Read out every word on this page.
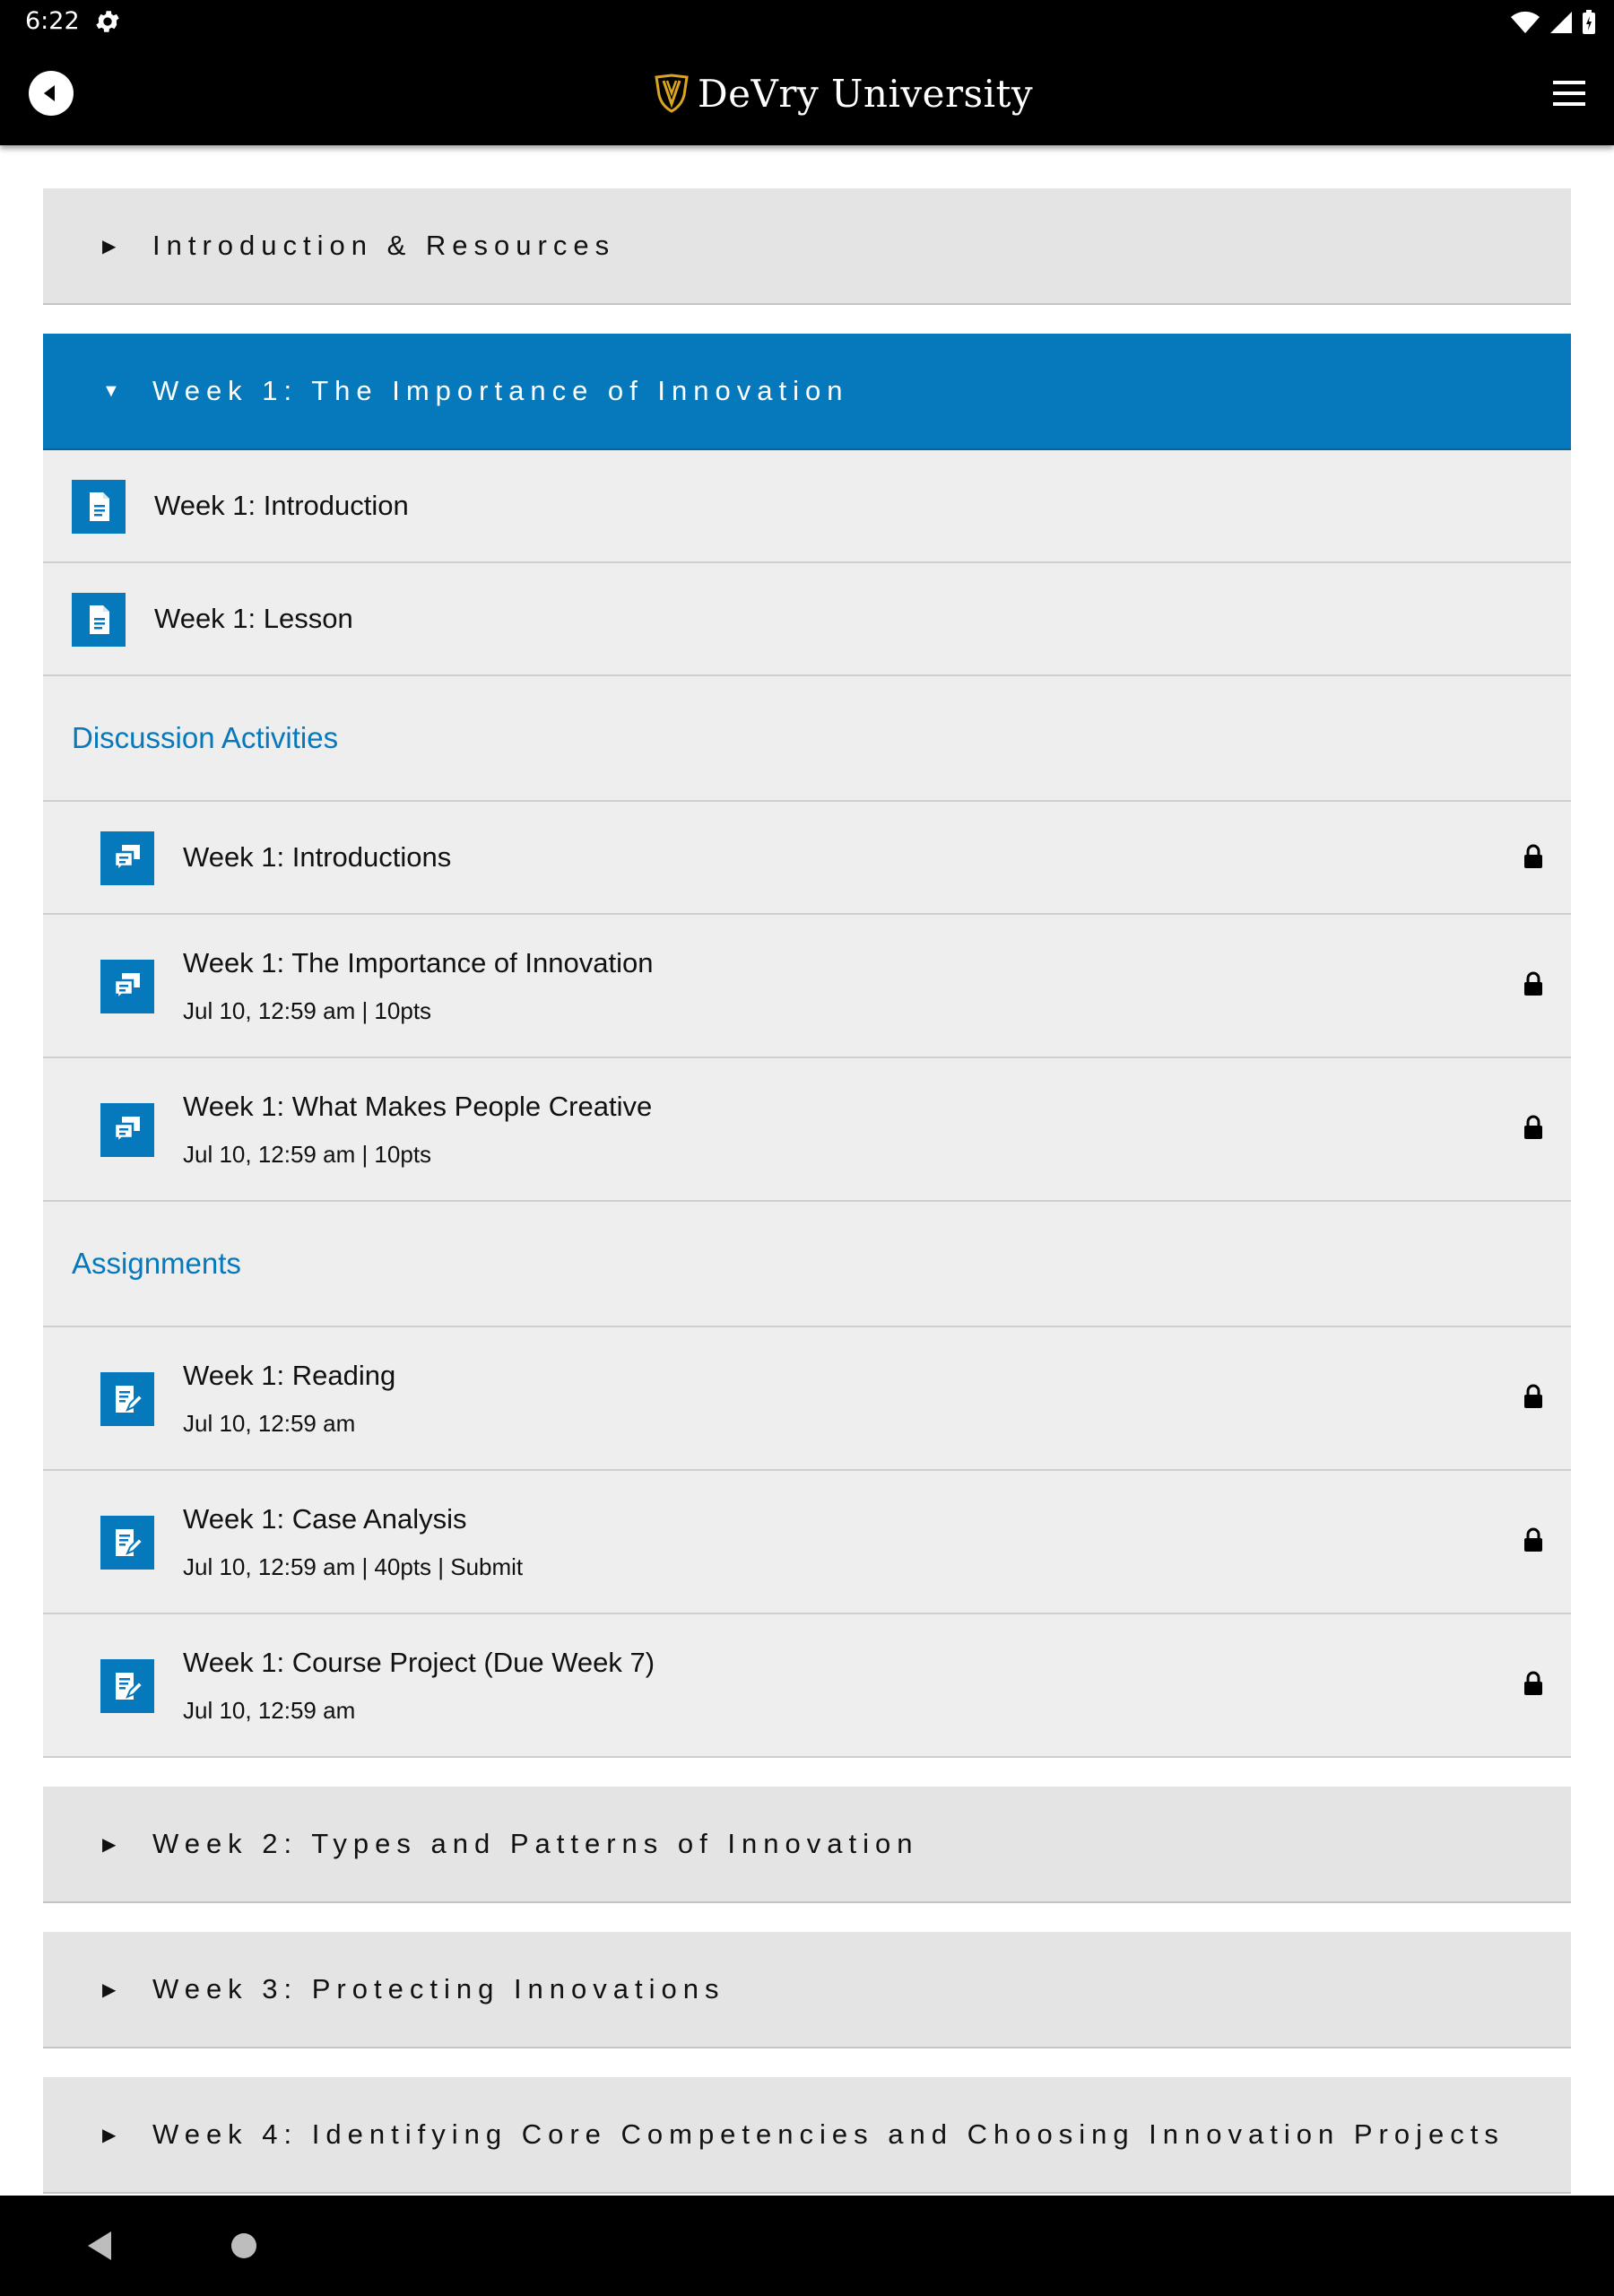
6:22
DeVry University
▶ Introduction & Resources
▼ Week 1: The Importance of Innovation
Week 1: Introduction
Week 1: Lesson
Discussion Activities
Week 1: Introductions
Week 1: The Importance of Innovation
Jul 10, 12:59 am | 10pts
Week 1: What Makes People Creative
Jul 10, 12:59 am | 10pts
Assignments
Week 1: Reading
Jul 10, 12:59 am
Week 1: Case Analysis
Jul 10, 12:59 am | 40pts | Submit
Week 1: Course Project (Due Week 7)
Jul 10, 12:59 am
▶ Week 2: Types and Patterns of Innovation
▶ Week 3: Protecting Innovations
▶ Week 4: Identifying Core Competencies and Choosing Innovation Projects
